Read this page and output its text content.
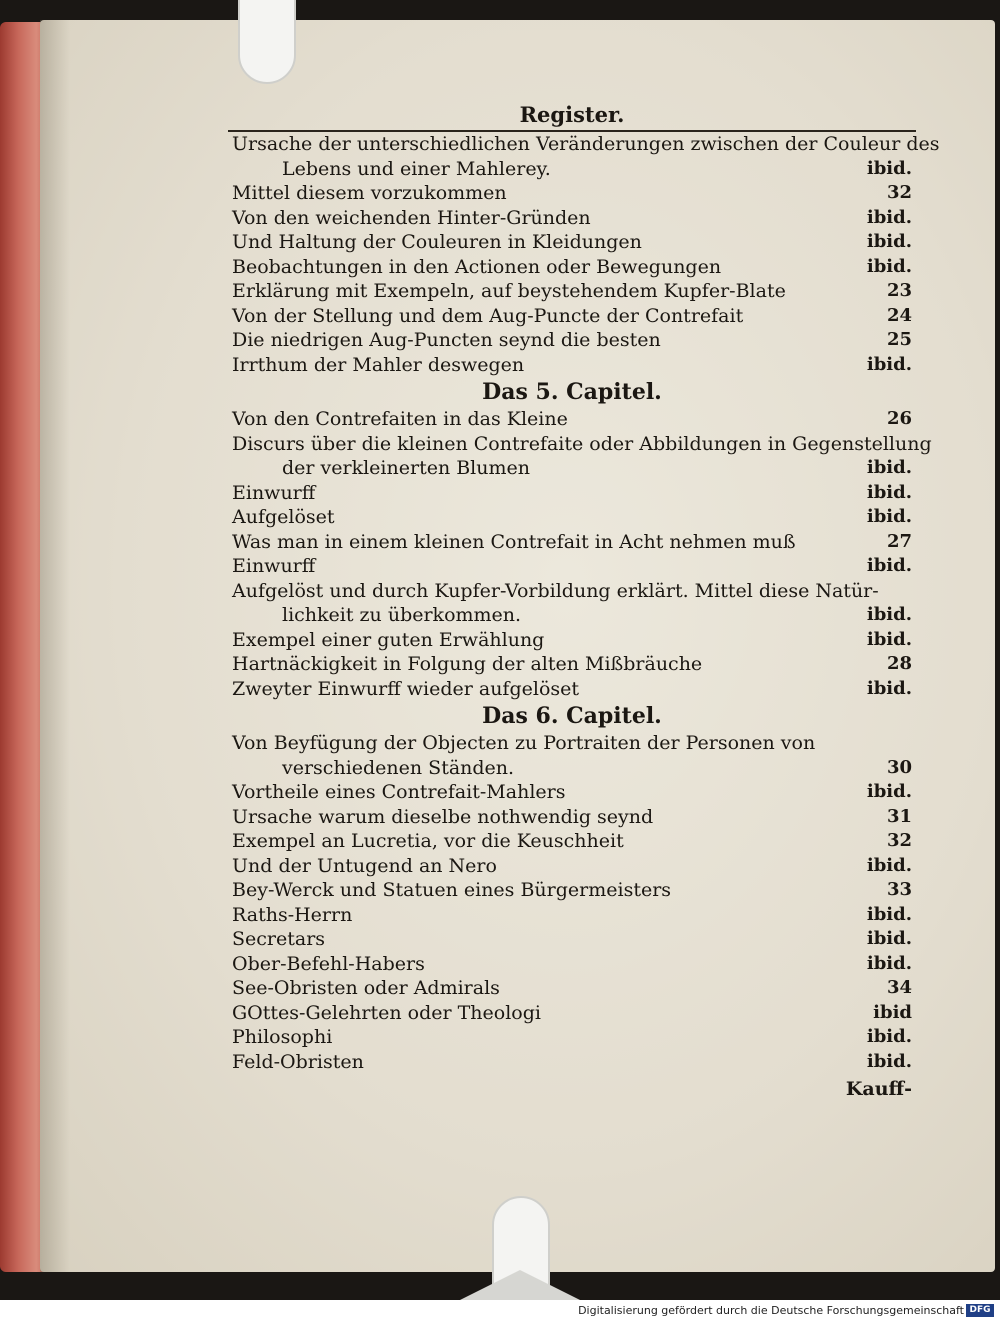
Register.
Ursache der unterschiedlichen Veränderungen zwischen der Couleur des
Lebens und einer Mahlerey.	ibid.
Mittel diesem vorzukommen	32
Von den weichenden Hinter-Gründen	ibid.
Und Haltung der Couleuren in Kleidungen	ibid.
Beobachtungen in den Actionen oder Bewegungen	ibid.
Erklärung mit Exempeln, auf beystehendem Kupfer-Blate	23
Von der Stellung und dem Aug-Puncte der Contrefait	24
Die niedrigen Aug-Puncten seynd die besten	25
Irrthum der Mahler deswegen	ibid.
Das 5. Capitel.
Von den Contrefaiten in das Kleine	26
Discurs über die kleinen Contrefaite oder Abbildungen in Gegenstellung
der verkleinerten Blumen	ibid.
Einwurff	ibid.
Aufgelöset	ibid.
Was man in einem kleinen Contrefait in Acht nehmen muß	27
Einwurff	ibid.
Aufgelöst und durch Kupfer-Vorbildung erklärt. Mittel diese Natür-
lichkeit zu überkommen.	ibid.
Exempel einer guten Erwählung	ibid.
Hartnäckigkeit in Folgung der alten Mißbräuche	28
Zweyter Einwurff wieder aufgelöset	ibid.
Das 6. Capitel.
Von Beyfügung der Objecten zu Portraiten der Personen von
verschiedenen Ständen.	30
Vortheile eines Contrefait-Mahlers	ibid.
Ursache warum dieselbe nothwendig seynd	31
Exempel an Lucretia, vor die Keuschheit	32
Und der Untugend an Nero	ibid.
Bey-Werck und Statuen eines Bürgermeisters	33
Raths-Herrn	ibid.
Secretars	ibid.
Ober-Befehl-Habers	ibid.
See-Obristen oder Admirals	34
GOttes-Gelehrten oder Theologi	ibid
Philosophi	ibid.
Feld-Obristen	ibid.
Kauff-
Digitalisierung gefördert durch die Deutsche Forschungsgemeinschaft DFG
